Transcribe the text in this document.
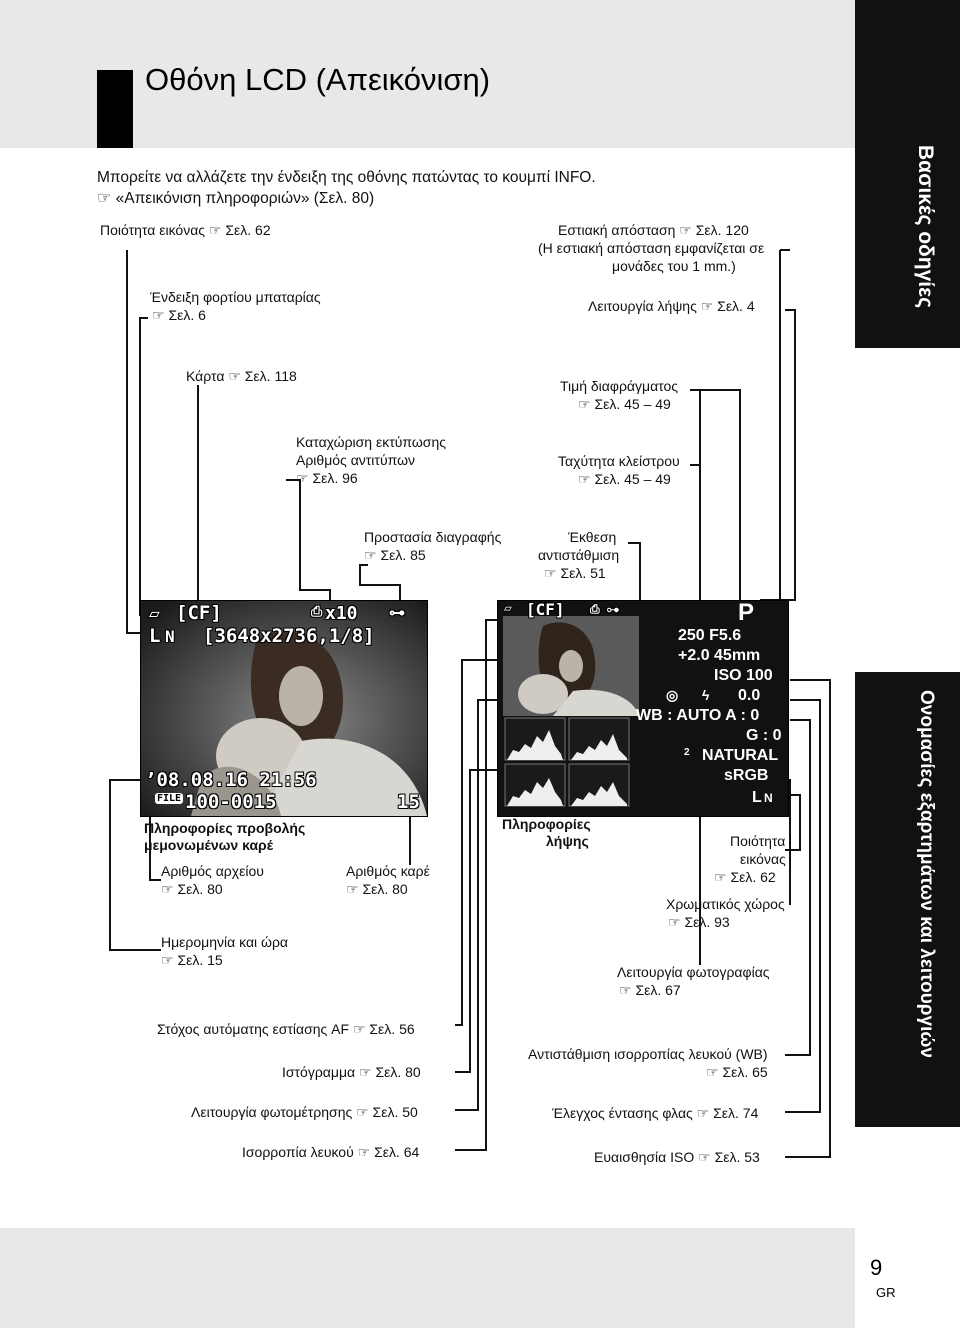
Βασικές οδηγίες
Ονομασίες εξαρτημάτων και λειτουργιών
Οθόνη LCD (Απεικόνιση)
Μπορείτε να αλλάζετε την ένδειξη της οθόνης πατώντας το κουμπί INFO.
☞ «Απεικόνιση πληροφοριών» (Σελ. 80)
Ποιότητα εικόνας ☞ Σελ. 62
Ένδειξη φορτίου μπαταρίας
☞ Σελ. 6
Κάρτα ☞ Σελ. 118
Καταχώριση εκτύπωσης
Αριθμός αντιτύπων
☞ Σελ. 96
Προστασία διαγραφής
☞ Σελ. 85
Εστιακή απόσταση ☞ Σελ. 120
(Η εστιακή απόσταση εμφανίζεται σε
μονάδες του 1 mm.)
Λειτουργία λήψης ☞ Σελ. 4
Τιμή διαφράγματος
☞ Σελ. 45 – 49
Ταχύτητα κλείστρου
☞ Σελ. 45 – 49
Έκθεση
αντιστάθμιση
☞ Σελ. 51
▱ [CF]	⎙ x10 ⊶
L N [3648x2736,1/8]
’08.08.16 21:56
FILE 100-0015	15
▱ [CF] ⎙ ⊶	P
250 F5.6
+2.0 45mm
ISO 100
◎ ϟ 0.0
WB : AUTO A : 0
G : 0
2 NATURAL
sRGB
L N
Πληροφορίες προβολής
μεμονωμένων καρέ
Αριθμός αρχείου
☞ Σελ. 80
Αριθμός καρέ
☞ Σελ. 80
Ημερομηνία και ώρα
☞ Σελ. 15
Στόχος αυτόματης εστίασης AF ☞ Σελ. 56
Ιστόγραμμα ☞ Σελ. 80
Λειτουργία φωτομέτρησης ☞ Σελ. 50
Ισορροπία λευκού ☞ Σελ. 64
Πληροφορίες
λήψης	Ποιότητα
εικόνας
☞ Σελ. 62
Χρωματικός χώρος
☞ Σελ. 93
Λειτουργία φωτογραφίας
☞ Σελ. 67
Αντιστάθμιση ισορροπίας λευκού (WB)
☞ Σελ. 65
Έλεγχος έντασης φλας ☞ Σελ. 74
Ευαισθησία ISO ☞ Σελ. 53
9
GR
